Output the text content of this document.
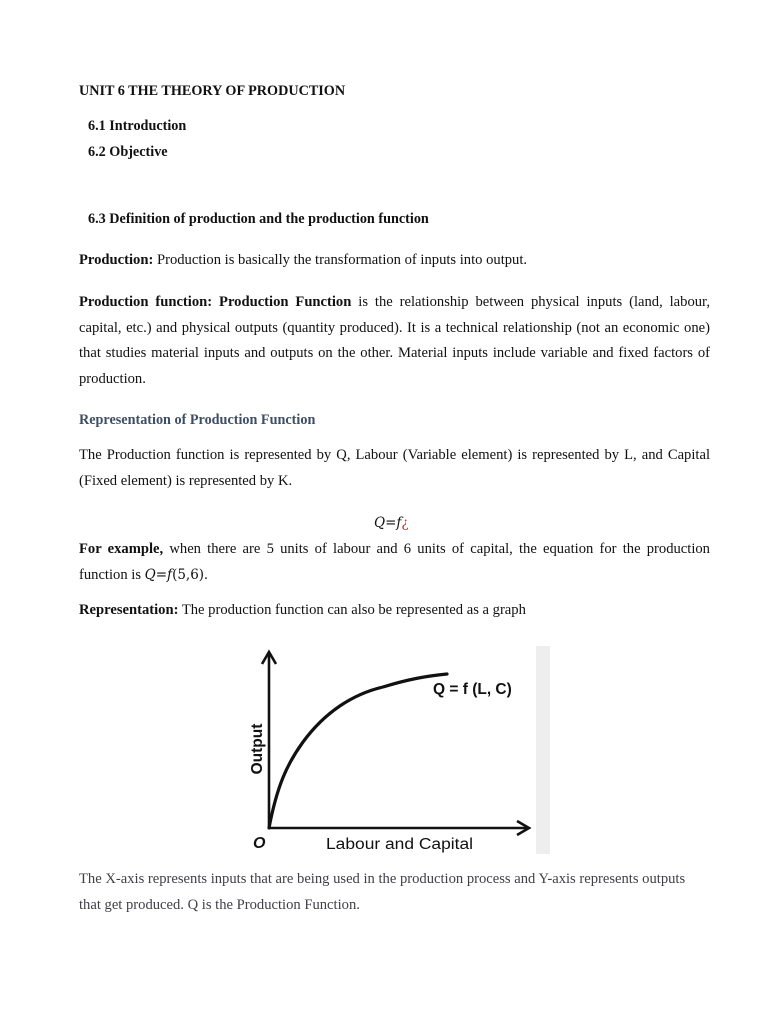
UNIT 6 THE THEORY OF PRODUCTION
6.1 Introduction
6.2 Objective
6.3 Definition of production and the production function
Production: Production is basically the transformation of inputs into output.
Production function: Production Function is the relationship between physical inputs (land, labour, capital, etc.) and physical outputs (quantity produced). It is a technical relationship (not an economic one) that studies material inputs and outputs on the other. Material inputs include variable and fixed factors of production.
Representation of Production Function
The Production function is represented by Q, Labour (Variable element) is represented by L, and Capital (Fixed element) is represented by K.
Q=f¿
For example, when there are 5 units of labour and 6 units of capital, the equation for the production function is Q=f(5,6).
Representation: The production function can also be represented as a graph
Output
Q = f (L, C)
O	Labour and Capital
The X-axis represents inputs that are being used in the production process and Y-axis represents outputs that get produced. Q is the Production Function.
